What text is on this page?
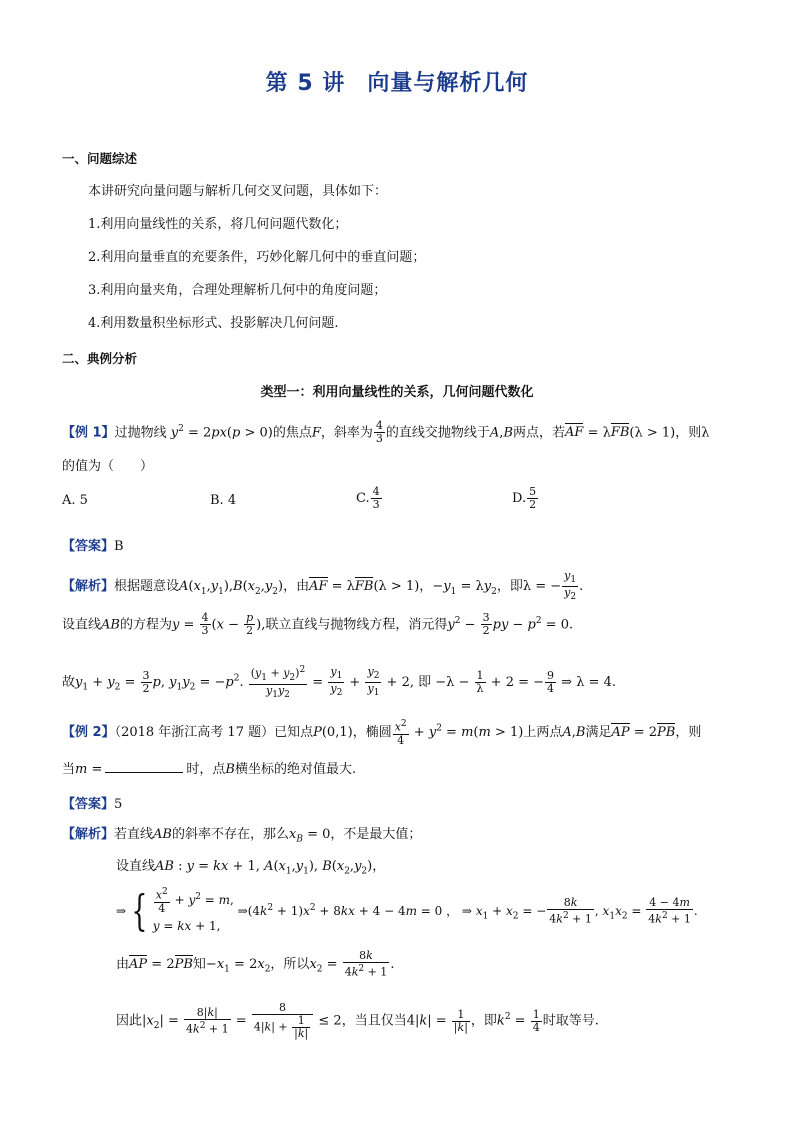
第 5 讲 向量与解析几何
一、问题综述
本讲研究向量问题与解析几何交叉问题，具体如下：
1.利用向量线性的关系，将几何问题代数化；
2.利用向量垂直的充要条件，巧妙化解几何中的垂直问题；
3.利用向量夹角，合理处理解析几何中的角度问题；
4.利用数量积坐标形式、投影解决几何问题.
二、典例分析
类型一：利用向量线性的关系，几何问题代数化
【例 1】过抛物线 $y^2 = 2px(p > 0)$的焦点F，斜率为 $\frac{4}{3}$ 的直线交抛物线于A,B两点，若AF = λFB(λ > 1)，则λ
的值为（　　）
A. 5	B. 4	C. $\frac{4}{3}$	D. $\frac{5}{2}$
【答案】B
【解析】根据题意设$A(x_1,y_1),B(x_2,y_2)$，由AF = λFB(λ > 1)，$-y_1 = \lambda y_2$，即λ = − $\frac{y_1}{y_2}$ .
设直线AB的方程为$y = \frac{4}{3} (x - \frac{p}{2}$ ),联立直线与抛物线方程，消元得$y^2 - \frac{3}{2}$ py − $p^2 = 0$.
故$y_1 + y_2 = \frac{3}{2} p$, $y_1y_2 = -p^2$. $\frac{(y_1 + y_2)^2}{y_1y_2} = \frac{y_1}{y_2} + \frac{y_2}{y_1} + 2$, 即 $-\lambda - \frac{1}{\lambda} + 2$ = − $\frac{9}{4}$ ⇒ λ = 4.
【例 2】（2018 年浙江高考 17 题）已知点P(0,1)，椭圆 $\frac{x^2}{4} + y^2 = m(m > 1)$上两点A,B满足AP = 2PB，则
当m =	时，点B横坐标的绝对值最大.
【答案】5
【解析】若直线AB的斜率不存在，那么$x_B = 0$，不是最大值；
设直线AB : y = kx + 1, $A(x_1,y_1)$, $B(x_2,y_2)$，
⇒ { $\frac{x^2}{4} + y^2 = m$,
y = kx + 1,
$\Rightarrow(4k^2 + 1)x^2 + 8kx + 4 - 4m = 0$ ， ⇒ $x_1 + x_2$ = − $\frac{8k}{4k^2 + 1}$ , $x_1x_2 = \frac{4 - 4m}{4k^2 + 1}$ .
由AP = 2PB知$-x_1 = 2x_2$，所以$x_2 = \frac{8k}{4k^2 + 1}$ .
因此$|x_2| = \frac{8|k|}{4k^2 + 1} = \frac{8}{4|k| + \frac{1}{|k|}} \le 2$，当且仅当$4|k| = \frac{1}{|k|}$ ，即$k^2 = \frac{1}{4}$ 时取等号.
